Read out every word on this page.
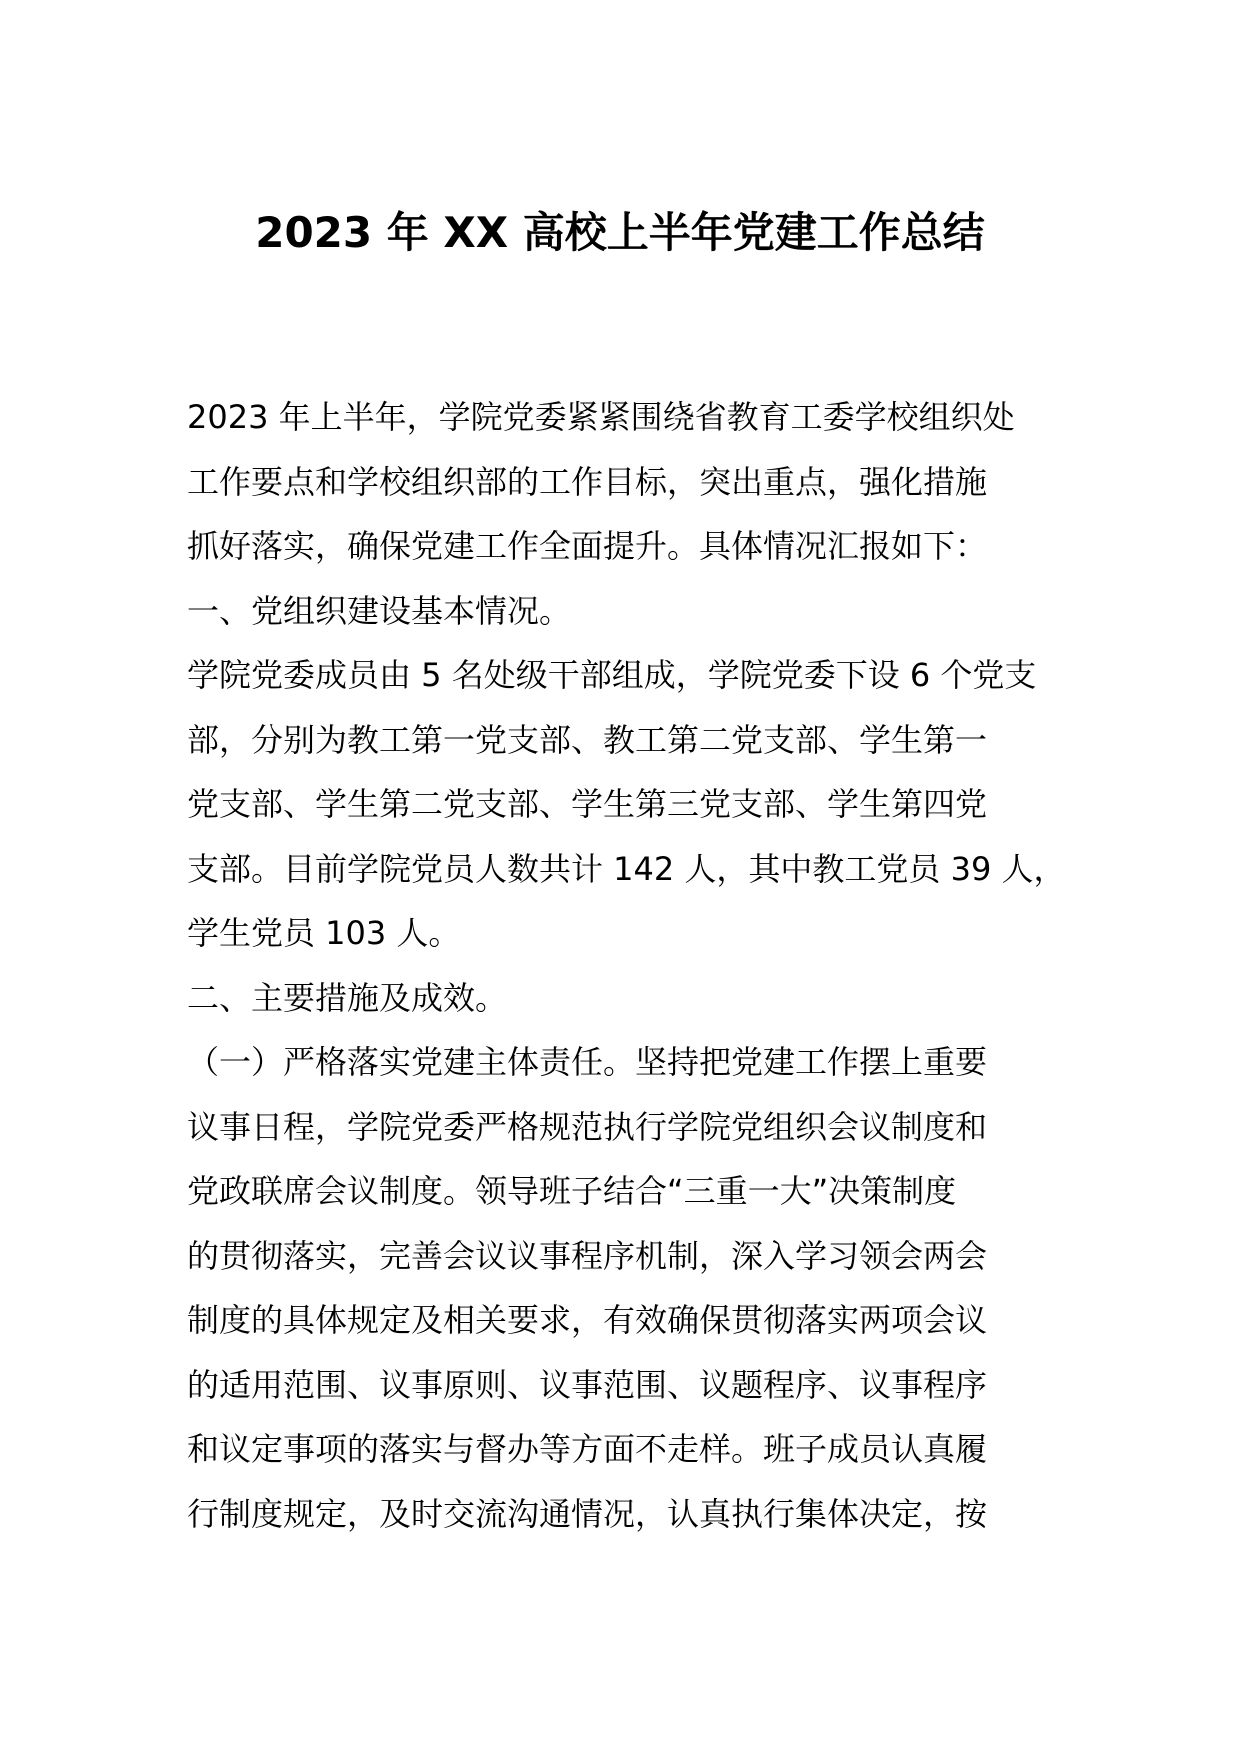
2023 年 XX 高校上半年党建工作总结
2023 年上半年，学院党委紧紧围绕省教育工委学校组织处
工作要点和学校组织部的工作目标，突出重点，强化措施
抓好落实，确保党建工作全面提升。具体情况汇报如下：
一、党组织建设基本情况。
学院党委成员由 5 名处级干部组成，学院党委下设 6 个党支
部，分别为教工第一党支部、教工第二党支部、学生第一
党支部、学生第二党支部、学生第三党支部、学生第四党
支部。目前学院党员人数共计 142 人，其中教工党员 39 人，
学生党员 103 人。
二、主要措施及成效。
（一）严格落实党建主体责任。坚持把党建工作摆上重要
议事日程，学院党委严格规范执行学院党组织会议制度和
党政联席会议制度。领导班子结合“三重一大”决策制度
的贯彻落实，完善会议议事程序机制，深入学习领会两会
制度的具体规定及相关要求，有效确保贯彻落实两项会议
的适用范围、议事原则、议事范围、议题程序、议事程序
和议定事项的落实与督办等方面不走样。班子成员认真履
行制度规定，及时交流沟通情况，认真执行集体决定，按
